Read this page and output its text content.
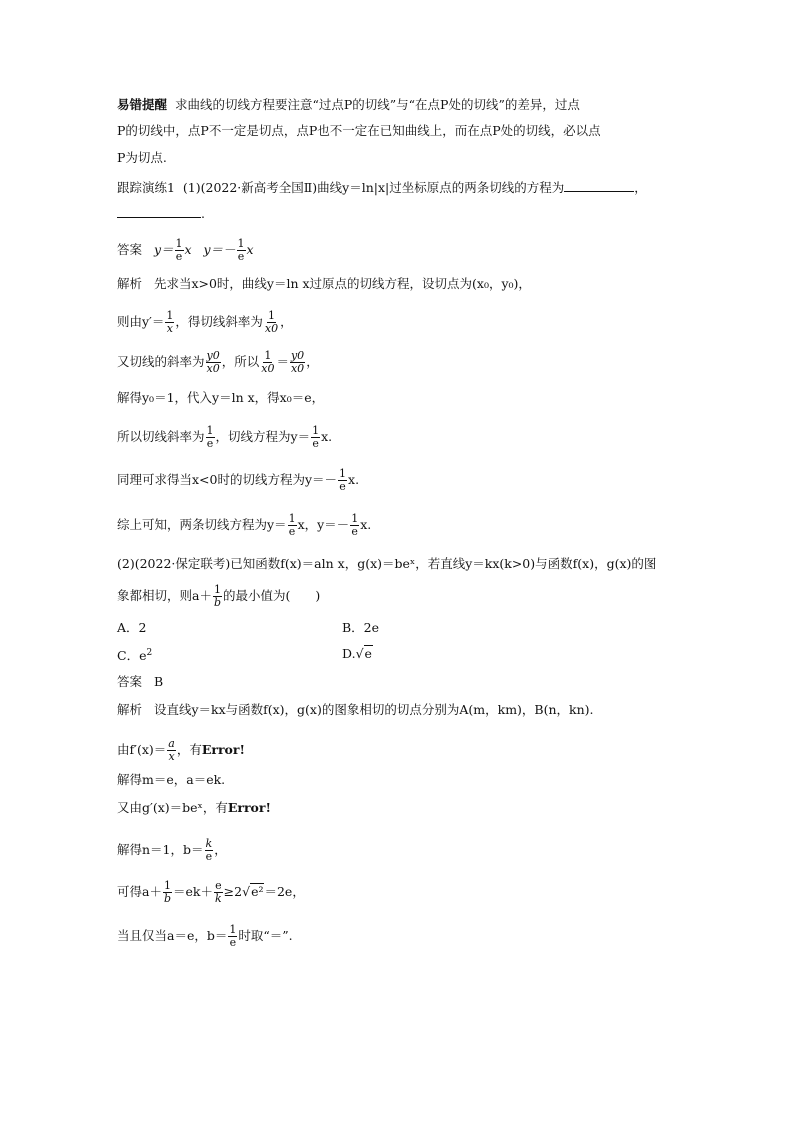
易错提醒 求曲线的切线方程要注意“过点P的切线”与“在点P处的切线”的差异，过点
P的切线中，点P不一定是切点，点P也不一定在已知曲线上，而在点P处的切线，必以点
P为切点.
跟踪演练1 (1)(2022·新高考全国Ⅱ)曲线y＝ln|x|过坐标原点的两条切线的方程为	，
.
答案 $y= \frac{1}{e}$ x $y=- \frac{1}{e}$ x
解析 先求当x>0时，曲线y＝ln x过原点的切线方程，设切点为(x₀，y₀)，
则由$y'= \frac{1}{x}$ ，得切线斜率为 $\frac{1}{x0}$ ，
又切线的斜率为 $\frac{y0}{x0}$ ，所以 $\frac{1}{x0} = \frac{y0}{x0}$ ，
解得y₀＝1，代入y＝ln x，得x₀＝e，
所以切线斜率为 $\frac{1}{e}$ ，切线方程为$y= \frac{1}{e} x$.
同理可求得当x<0时的切线方程为$y=- \frac{1}{e} x$.
综上可知，两条切线方程为$y= \frac{1}{e}$ x，$y=- \frac{1}{e} x$.
(2)(2022·保定联考)已知函数f(x)＝aln x，g(x)＝beˣ，若直线y＝kx(k>0)与函数f(x)，g(x)的图
象都相切，则$a+ \frac{1}{b}$ 的最小值为(　　)
A．2	B．2e
C．$e^2$	D.√e
答案 B
解析 设直线y＝kx与函数f(x)，g(x)的图象相切的切点分别为A(m，km)，B(n，kn).
由$f'(x)= \frac{a}{x}$ ，有Error!
解得m＝e，a＝ek.
又由g′(x)＝beˣ，有Error!
解得n＝1，$b= \frac{k}{e}$ ，
可得$a+ \frac{1}{b} =ek+ \frac{e}{k} \ge 2√e^2=2e$，
当且仅当a＝e，$b= \frac{1}{e}$ 时取“＝”.
